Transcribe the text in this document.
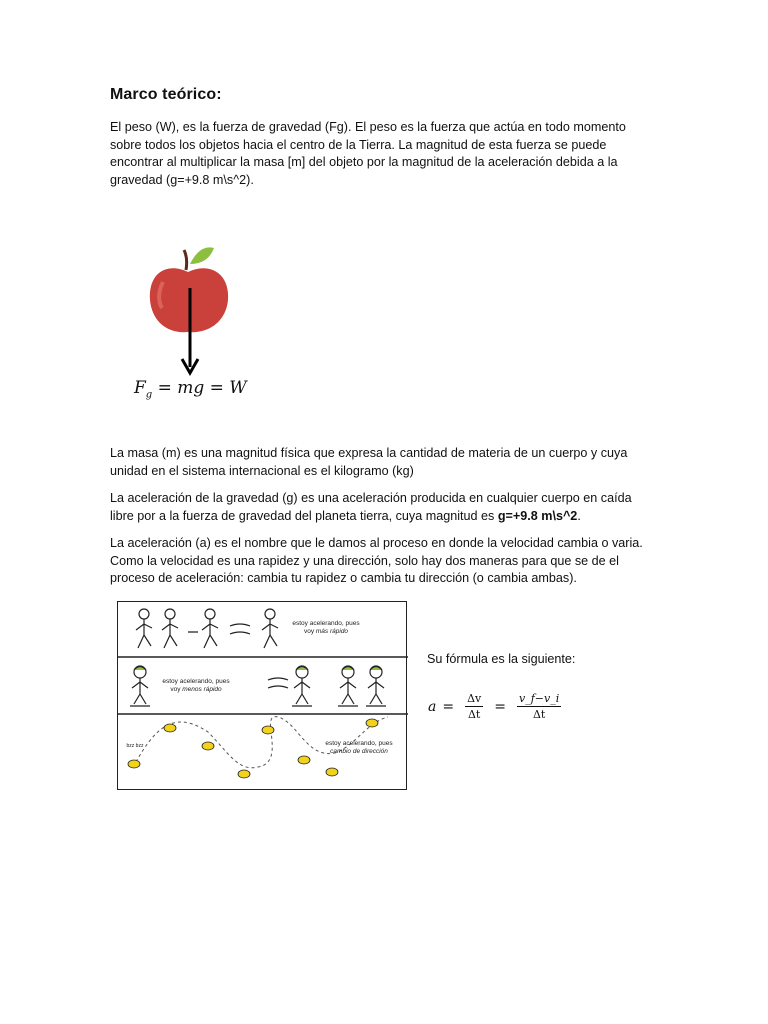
Marco teórico:
El peso (W), es la fuerza de gravedad (Fg). El peso es la fuerza que actúa en todo momento sobre todos los objetos hacia el centro de la Tierra. La magnitud de esta fuerza se puede encontrar al multiplicar la masa [m] del objeto por la magnitud de la aceleración debida a la gravedad (g=+9.8 m\s^2).
$F_g$ = mg = W
La masa (m) es una magnitud física que expresa la cantidad de materia de un cuerpo y cuya unidad en el sistema internacional es el kilogramo (kg)
La aceleración de la gravedad (g) es una aceleración producida en cualquier cuerpo en caída libre por a la fuerza de gravedad del planeta tierra, cuya magnitud es g=+9.8 m\s^2.
La aceleración (a) es el nombre que le damos al proceso en donde la velocidad cambia o varia. Como la velocidad es una rapidez y una dirección, solo hay dos maneras para que se de el proceso de aceleración: cambia tu rapidez o cambia tu dirección (o cambia ambas).
estoy acelerando, pues
voy más rápido
estoy acelerando, pues
voy menos rápido
estoy acelerando, pues
cambio de dirección
bzz bzz
Su fórmula es la siguiente:
$a = \frac{\Delta v}{\Delta t} = \frac{v\_f-v\_i}{\Delta t}$
